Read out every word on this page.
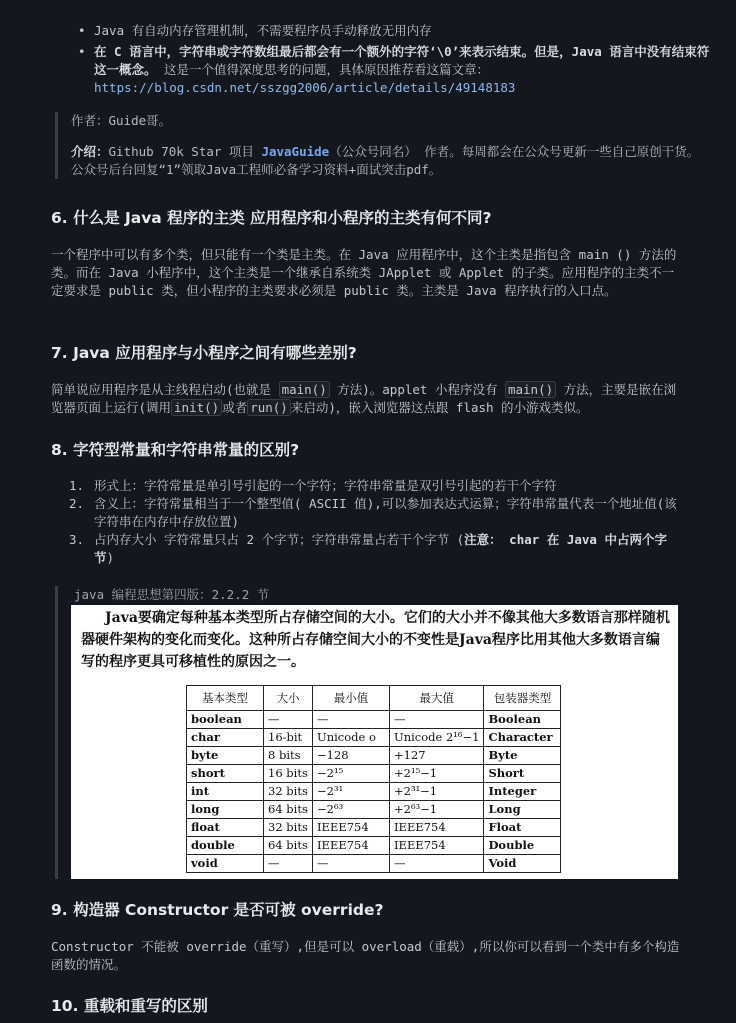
• Java 有自动内存管理机制，不需要程序员手动释放无用内存
• 在 C 语言中，字符串或字符数组最后都会有一个额外的字符‘\0’来表示结束。但是，Java 语言中没有结束符这一概念。 这是一个值得深度思考的问题，具体原因推荐看这篇文章：
https://blog.csdn.net/sszgg2006/article/details/49148183
作者：Guide哥。
介绍：Github 70k Star 项目 JavaGuide（公众号同名） 作者。每周都会在公众号更新一些自己原创干货。公众号后台回复“1”领取Java工程师必备学习资料+面试突击pdf。
6. 什么是 Java 程序的主类 应用程序和小程序的主类有何不同?

一个程序中可以有多个类，但只能有一个类是主类。在 Java 应用程序中，这个主类是指包含 main () 方法的类。而在 Java 小程序中，这个主类是一个继承自系统类 JApplet 或 Applet 的子类。应用程序的主类不一定要求是 public 类，但小程序的主类要求必须是 public 类。主类是 Java 程序执行的入口点。

7. Java 应用程序与小程序之间有哪些差别?

简单说应用程序是从主线程启动(也就是 main() 方法)。applet 小程序没有 main() 方法，主要是嵌在浏览器页面上运行(调用 init() 或者 run() 来启动)，嵌入浏览器这点跟 flash 的小游戏类似。

8. 字符型常量和字符串常量的区别?
1. 形式上：字符常量是单引号引起的一个字符；字符串常量是双引号引起的若干个字符
2. 含义上：字符常量相当于一个整型值( ASCII 值),可以参加表达式运算；字符串常量代表一个地址值(该字符串在内存中存放位置)
3. 占内存大小 字符常量只占 2 个字节；字符串常量占若干个字节 (注意： char 在 Java 中占两个字节)
java 编程思想第四版：2.2.2 节
Java要确定每种基本类型所占存储空间的大小。它们的大小并不像其他大多数语言那样随机器硬件架构的变化而变化。这种所占存储空间大小的不变性是Java程序比用其他大多数语言编写的程序更具可移植性的原因之一。
基本类型	大小	最小值	最大值	包装器类型
boolean	—	—	—	Boolean
char	16-bit	Unicode o	Unicode 2¹⁶−1	Character
byte	8 bits	−128	+127	Byte
short	16 bits	−2¹⁵	+2¹⁵−1	Short
int	32 bits	−2³¹	+2³¹−1	Integer
long	64 bits	−2⁶³	+2⁶³−1	Long
float	32 bits	IEEE754	IEEE754	Float
double	64 bits	IEEE754	IEEE754	Double
void	—	—	—	Void
9. 构造器 Constructor 是否可被 override?

Constructor 不能被 override（重写）,但是可以 overload（重载）,所以你可以看到一个类中有多个构造函数的情况。

10. 重载和重写的区别
